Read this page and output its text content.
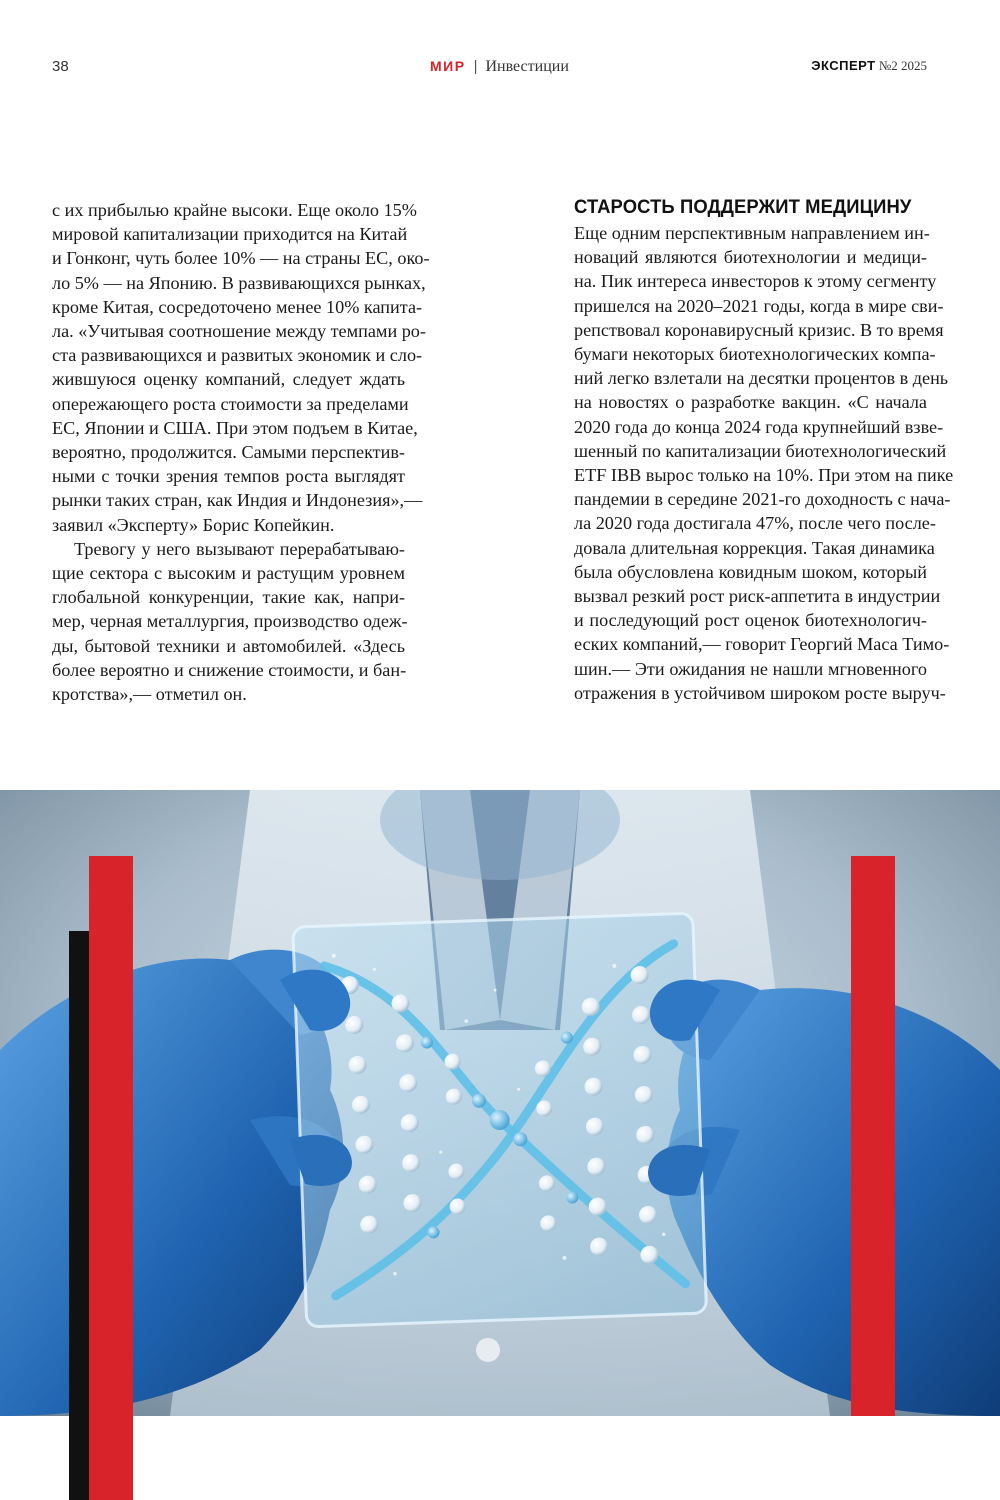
38	МИР | Инвестиции	ЭКСПЕРТ №2 2025
с их прибылью крайне высоки. Еще около 15%
мировой капитализации приходится на Китай
и Гонконг, чуть более 10% — на страны ЕС, око-
ло 5% — на Японию. В развивающихся рынках,
кроме Китая, сосредоточено менее 10% капита-
ла. «Учитывая соотношение между темпами ро-
ста развивающихся и развитых экономик и сло-
жившуюся оценку компаний, следует ждать
опережающего роста стоимости за пределами
ЕС, Японии и США. При этом подъем в Китае,
вероятно, продолжится. Самыми перспектив-
ными с точки зрения темпов роста выглядят
рынки таких стран, как Индия и Индонезия»,—
заявил «Эксперту» Борис Копейкин.
Тревогу у него вызывают перерабатываю-
щие сектора с высоким и растущим уровнем
глобальной конкуренции, такие как, напри-
мер, черная металлургия, производство одеж-
ды, бытовой техники и автомобилей. «Здесь
более вероятно и снижение стоимости, и бан-
кротства»,— отметил он.
СТАРОСТЬ ПОДДЕРЖИТ МЕДИЦИНУ
Еще одним перспективным направлением ин-
новаций являются биотехнологии и медици-
на. Пик интереса инвесторов к этому сегменту
пришелся на 2020–2021 годы, когда в мире сви-
репствовал коронавирусный кризис. В то время
бумаги некоторых биотехнологических компа-
ний легко взлетали на десятки процентов в день
на новостях о разработке вакцин. «С начала
2020 года до конца 2024 года крупнейший взве-
шенный по капитализации биотехнологический
ETF IBB вырос только на 10%. При этом на пике
пандемии в середине 2021-го доходность с нача-
ла 2020 года достигала 47%, после чего после-
довала длительная коррекция. Такая динамика
была обусловлена ковидным шоком, который
вызвал резкий рост риск-аппетита в индустрии
и последующий рост оценок биотехнологич-
еских компаний,— говорит Георгий Маса Тимо-
шин.— Эти ожидания не нашли мгновенного
отражения в устойчивом широком росте выруч-
